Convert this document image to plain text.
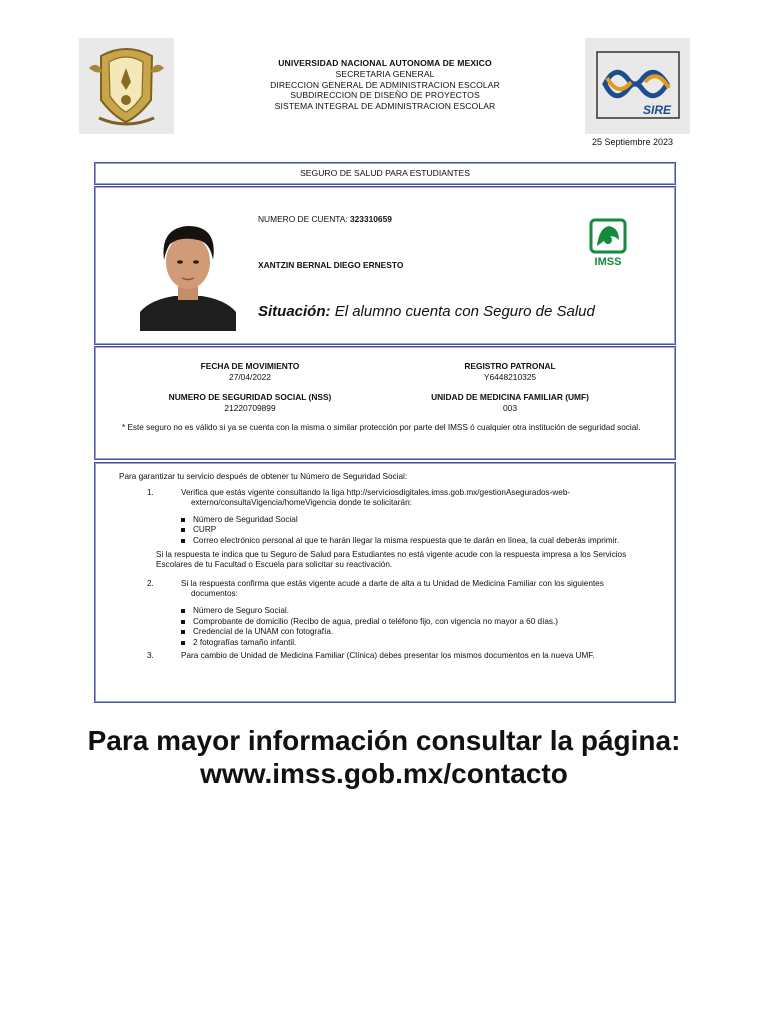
UNIVERSIDAD NACIONAL AUTONOMA DE MEXICO
SECRETARIA GENERAL
DIRECCION GENERAL DE ADMINISTRACION ESCOLAR
SUBDIRECCION DE DISEÑO DE PROYECTOS
SISTEMA INTEGRAL DE ADMINISTRACION ESCOLAR	SIRE
25 Septiembre 2023
SEGURO DE SALUD PARA ESTUDIANTES
NUMERO DE CUENTA: 323310659
XANTZIN BERNAL DIEGO ERNESTO
Situación: El alumno cuenta con Seguro de Salud
IMSS
FECHA DE MOVIMIENTO
27/04/2022
REGISTRO PATRONAL
Y6448210325
NUMERO DE SEGURIDAD SOCIAL (NSS)
21220709899
UNIDAD DE MEDICINA FAMILIAR (UMF)
003
* Este seguro no es válido si ya se cuenta con la misma o similar protección por parte del IMSS ó cualquier otra institución de seguridad social.
Para garantizar tu servicio después de obtener tu Número de Seguridad Social:
1.	Verifica que estás vigente consultando la liga http://serviciosdigitales.imss.gob.mx/gestionAsegurados-web-
externo/consultaVigencia/homeVigencia donde te solicitarán:
Número de Seguridad Social
CURP
Correo electrónico personal al que te harán llegar la misma respuesta que te darán en línea, la cual deberás imprimir.
Si la respuesta te indica que tu Seguro de Salud para Estudiantes no está vigente acude con la respuesta impresa a los Servicios Escolares de tu Facultad o Escuela para solicitar su reactivación.
2.	Si la respuesta confirma que estás vigente acude a darte de alta a tu Unidad de Medicina Familiar con los siguientes
documentos:
Número de Seguro Social.
Comprobante de domicilio (Recibo de agua, predial o teléfono fijo, con vigencia no mayor a 60 días.)
Credencial de la UNAM con fotografía.
2 fotografías tamaño infantil.
3.	Para cambio de Unidad de Medicina Familiar (Clínica) debes presentar los mismos documentos en la nueva UMF.
Para mayor información consultar la página:
www.imss.gob.mx/contacto
